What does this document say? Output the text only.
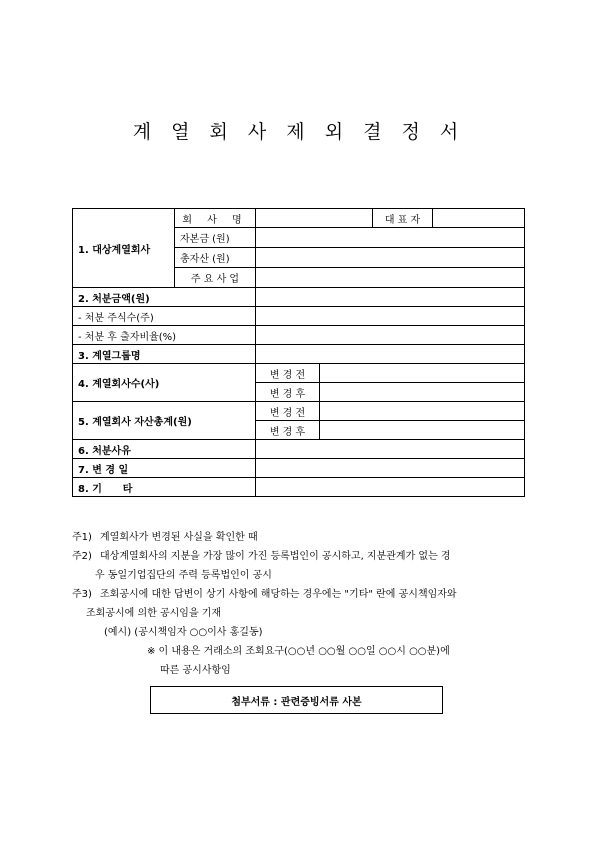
계 열 회 사 제 외 결 정 서
1. 대상계열회사	회 사 명			대 표 자	
	자본금 (원)				
	총자산 (원)				
	주 요 사 업				
2. 처분금액(원)					
- 처분 주식수(주)					
- 처분 후 출자비율(%)					
3. 계열그룹명					
4. 계열회사수(사)		변 경 전			
		변 경 후			
5. 계열회사 자산총계(원)		변 경 전			
		변 경 후			
6. 처분사유					
7. 변 경 일					
8. 기      타					
주1) 계열회사가 변경된 사실을 확인한 때
주2) 대상계열회사의 지분을 가장 많이 가진 등록법인이 공시하고, 지분관계가 없는 경
우 동일기업집단의 주력 등록법인이 공시
주3) 조회공시에 대한 답변이 상기 사항에 해당하는 경우에는 "기타" 란에 공시책임자와
조회공시에 의한 공시임을 기재
(예시) (공시책임자 ○○이사 홍길동)
※ 이 내용은 거래소의 조회요구(○○년 ○○월 ○○일 ○○시 ○○분)에
따른 공시사항임
첨부서류 : 관련증빙서류 사본
